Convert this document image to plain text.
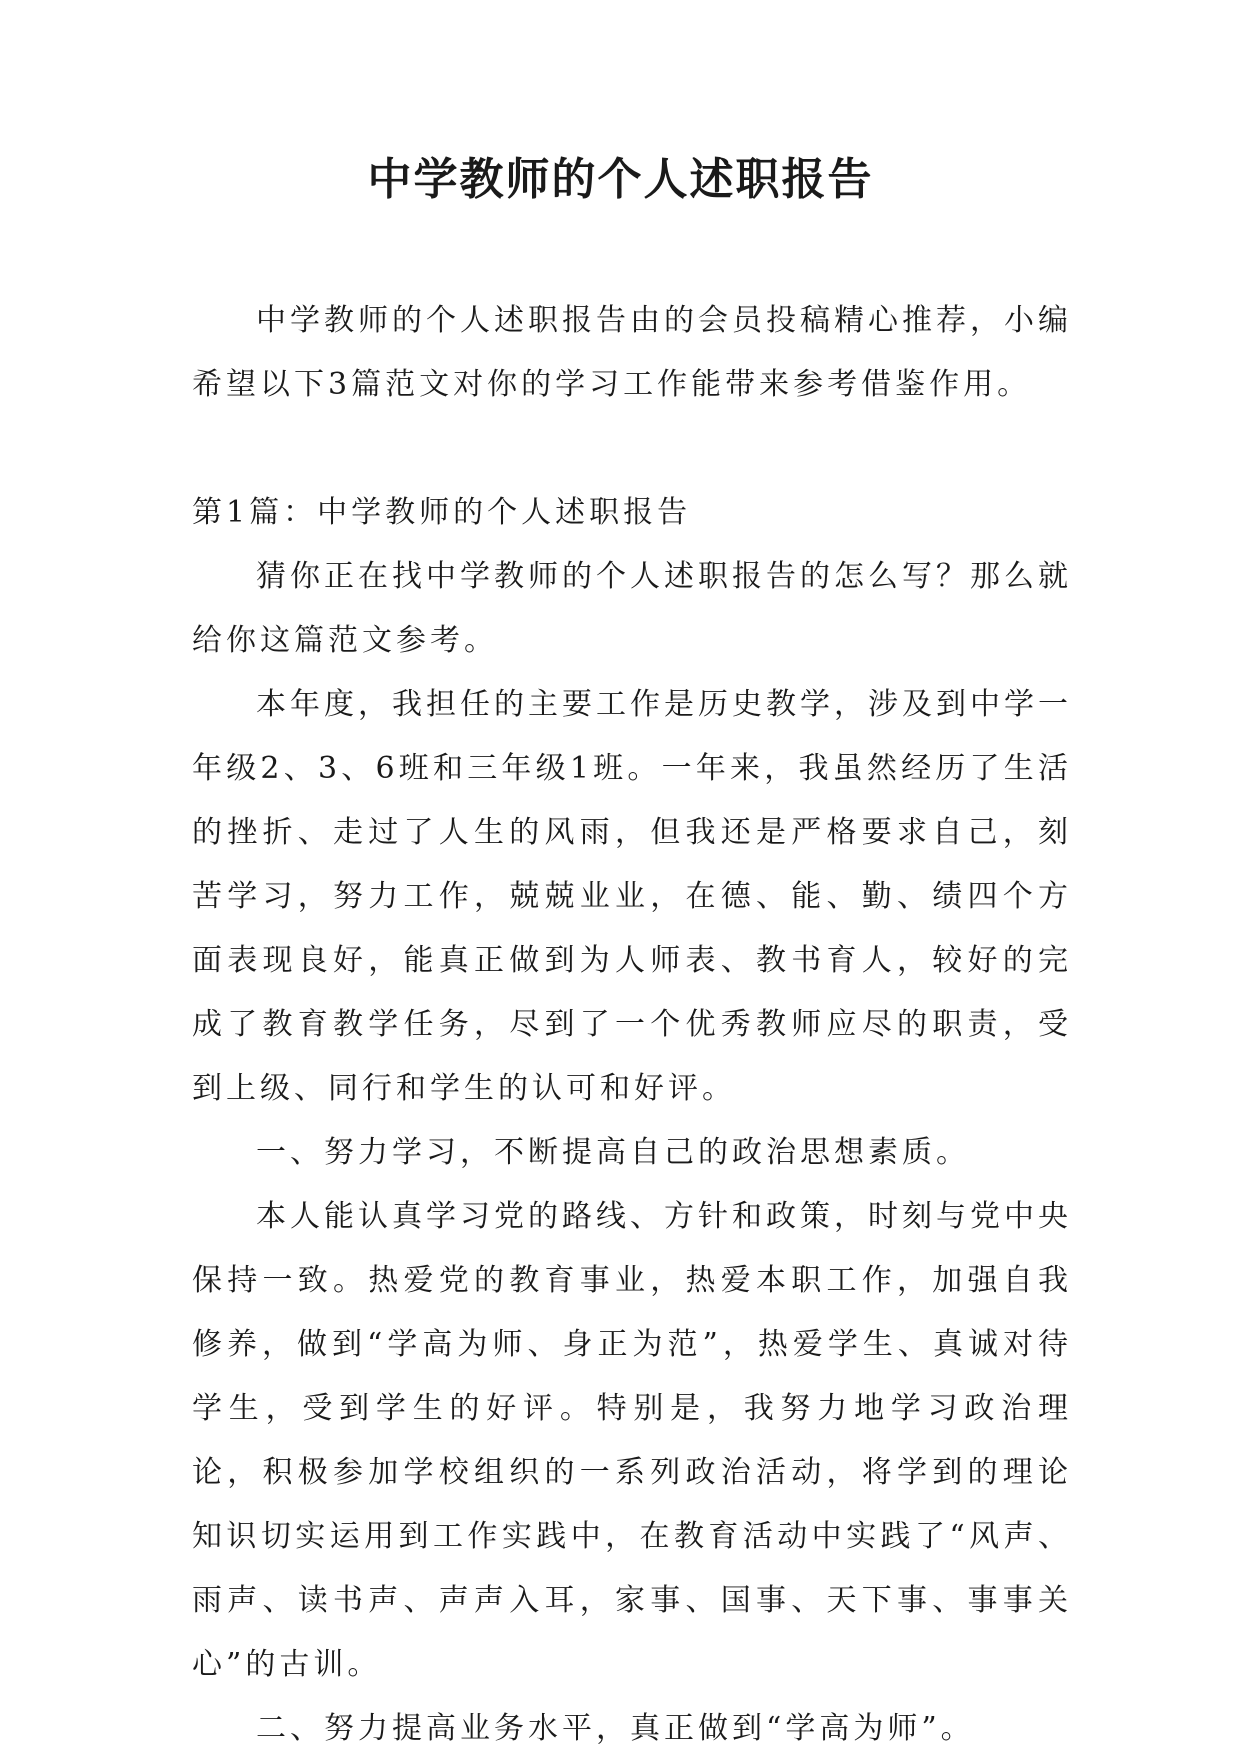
中学教师的个人述职报告

中学教师的个人述职报告由的会员投稿精心推荐，小编希望以下3篇范文对你的学习工作能带来参考借鉴作用。

第1篇：中学教师的个人述职报告

猜你正在找中学教师的个人述职报告的怎么写？那么就给你这篇范文参考。

本年度，我担任的主要工作是历史教学，涉及到中学一年级2、3、6班和三年级1班。一年来，我虽然经历了生活的挫折、走过了人生的风雨，但我还是严格要求自己，刻苦学习，努力工作，兢兢业业，在德、能、勤、绩四个方面表现良好，能真正做到为人师表、教书育人，较好的完成了教育教学任务，尽到了一个优秀教师应尽的职责，受到上级、同行和学生的认可和好评。

一、努力学习，不断提高自己的政治思想素质。

本人能认真学习党的路线、方针和政策，时刻与党中央保持一致。热爱党的教育事业，热爱本职工作，加强自我修养，做到“学高为师、身正为范”，热爱学生、真诚对待学生，受到学生的好评。特别是，我努力地学习政治理论，积极参加学校组织的一系列政治活动，将学到的理论知识切实运用到工作实践中，在教育活动中实践了“风声、雨声、读书声、声声入耳，家事、国事、天下事、事事关心”的古训。

二、努力提高业务水平，真正做到“学高为师”。
